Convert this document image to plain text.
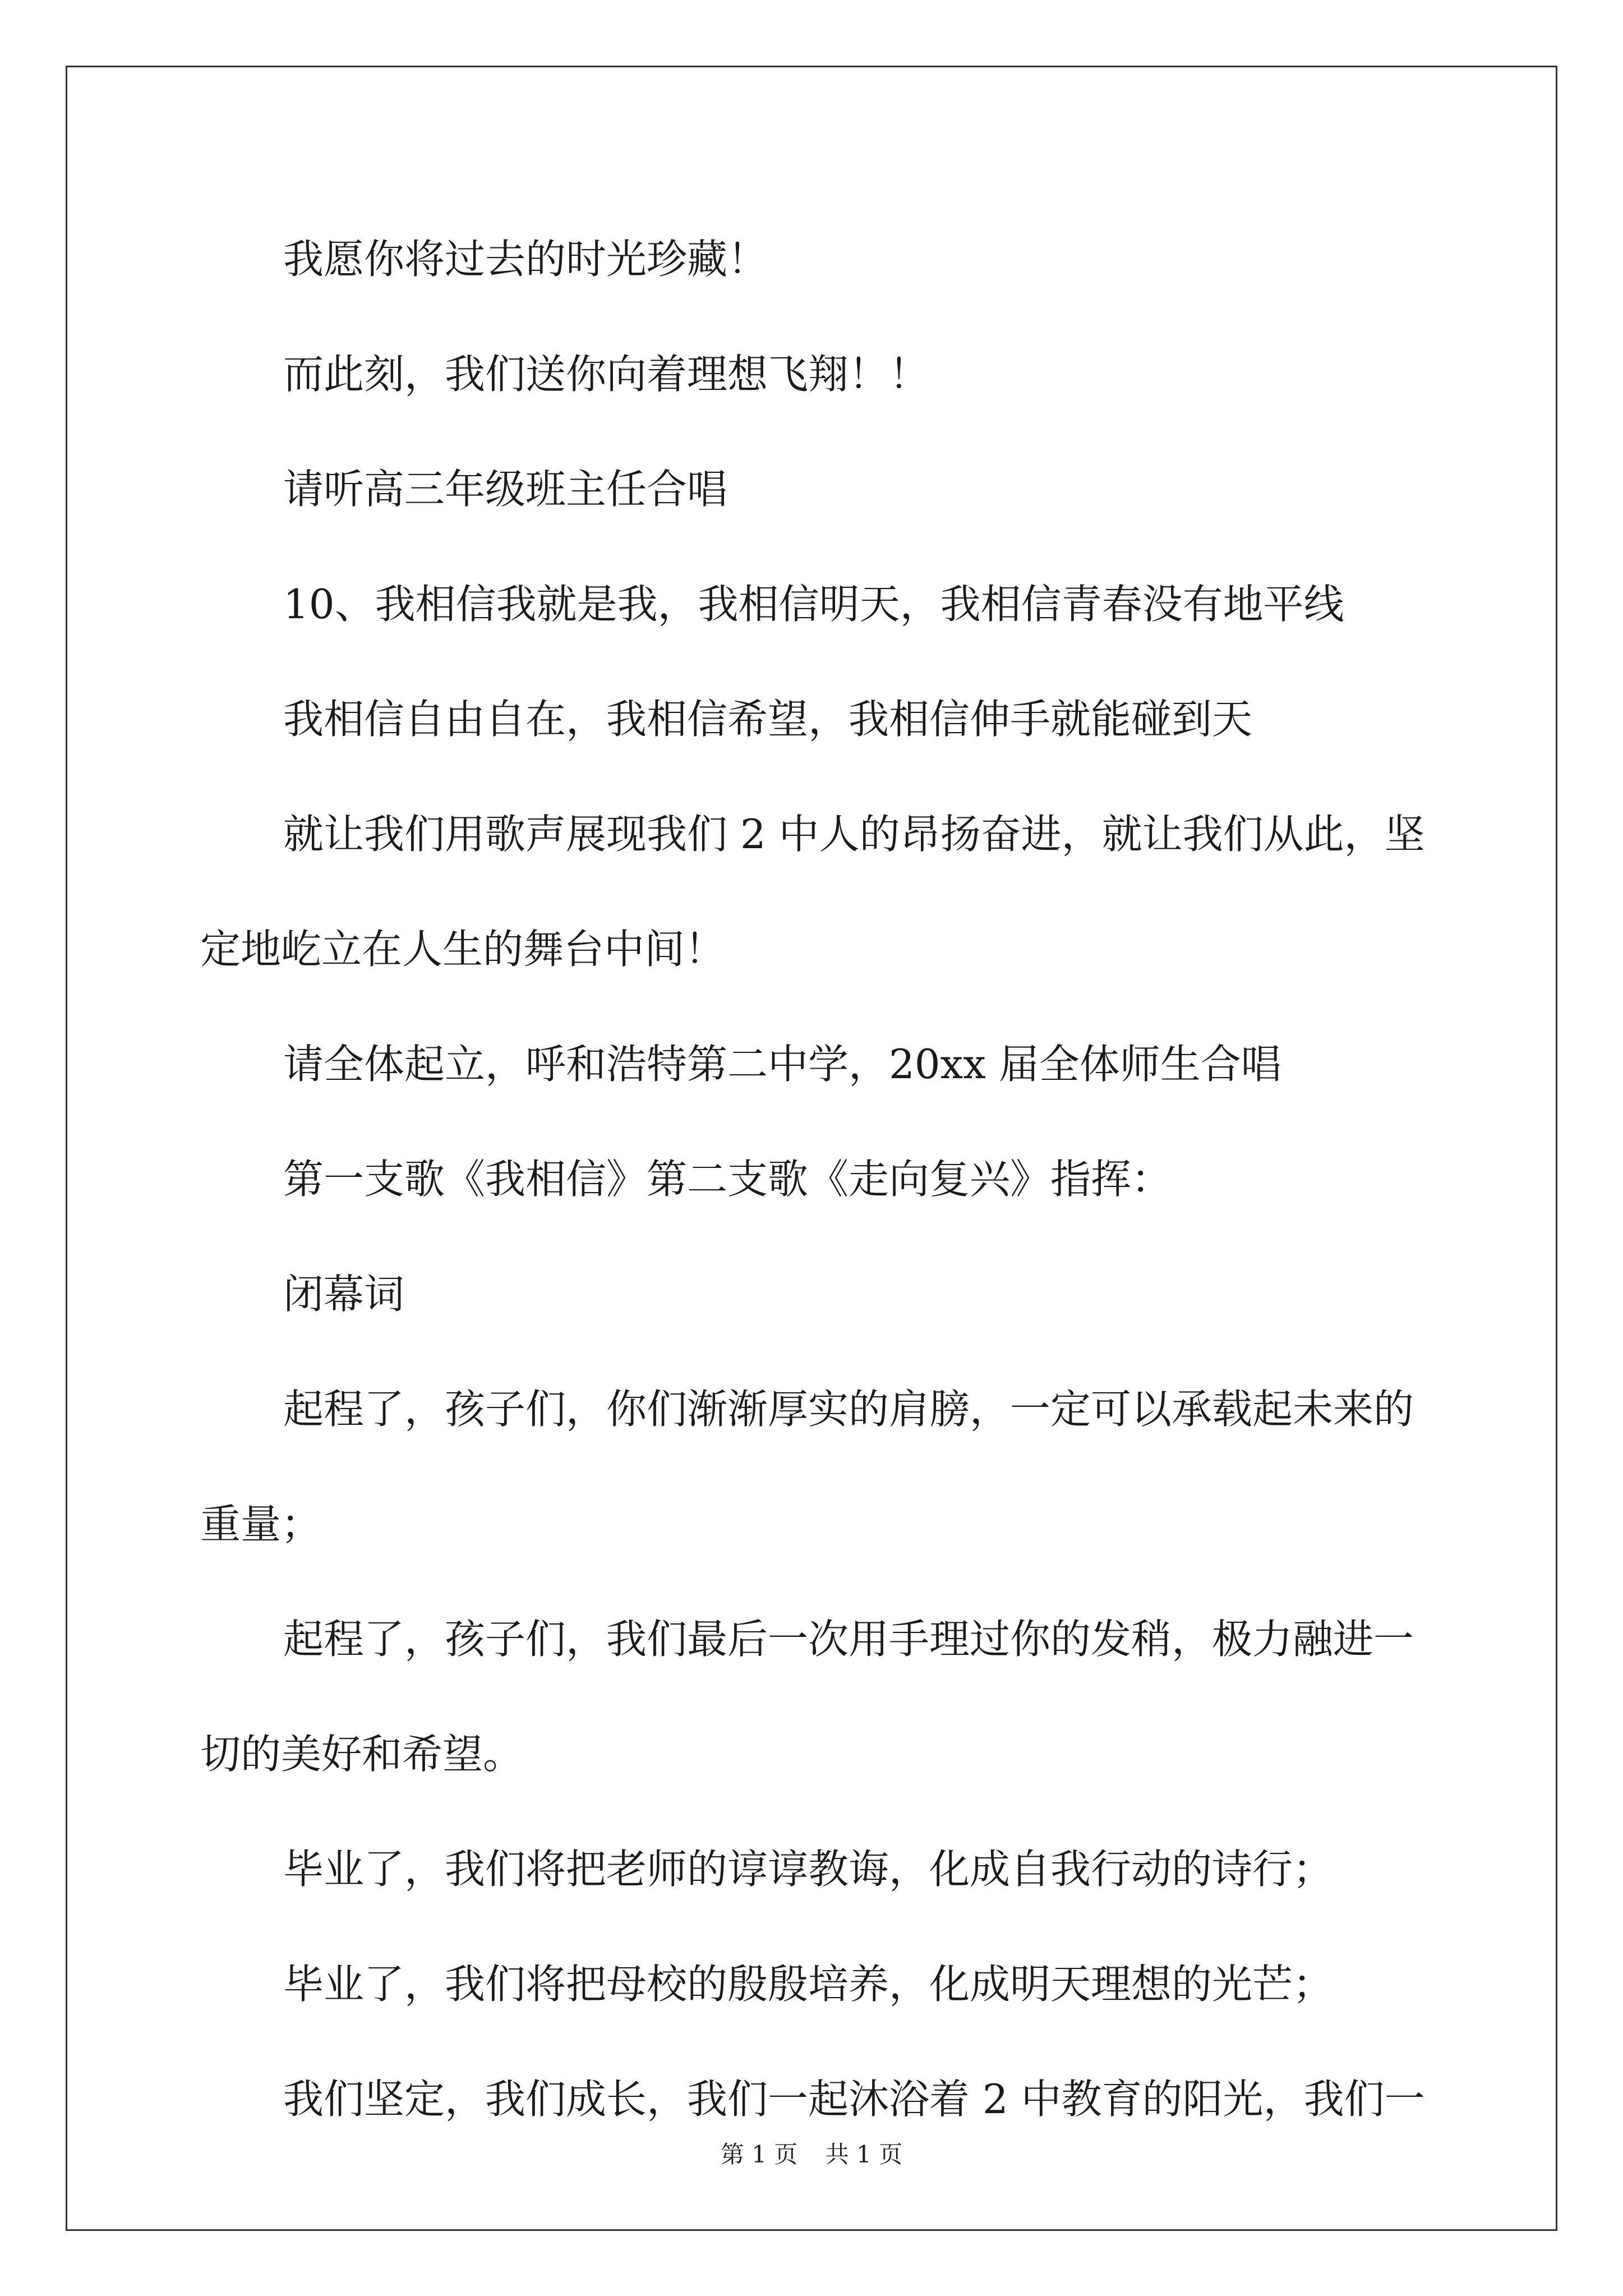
我愿你将过去的时光珍藏！

而此刻，我们送你向着理想飞翔！！

请听高三年级班主任合唱

10、我相信我就是我，我相信明天，我相信青春没有地平线

我相信自由自在，我相信希望，我相信伸手就能碰到天

就让我们用歌声展现我们 2 中人的昂扬奋进，就让我们从此，坚

定地屹立在人生的舞台中间！

请全体起立，呼和浩特第二中学，20xx 届全体师生合唱

第一支歌《我相信》第二支歌《走向复兴》指挥：

闭幕词

起程了，孩子们，你们渐渐厚实的肩膀，一定可以承载起未来的

重量；

起程了，孩子们，我们最后一次用手理过你的发稍，极力融进一

切的美好和希望。

毕业了，我们将把老师的谆谆教诲，化成自我行动的诗行；

毕业了，我们将把母校的殷殷培养，化成明天理想的光芒；

我们坚定，我们成长，我们一起沐浴着 2 中教育的阳光，我们一

第 1 页 共 1 页
